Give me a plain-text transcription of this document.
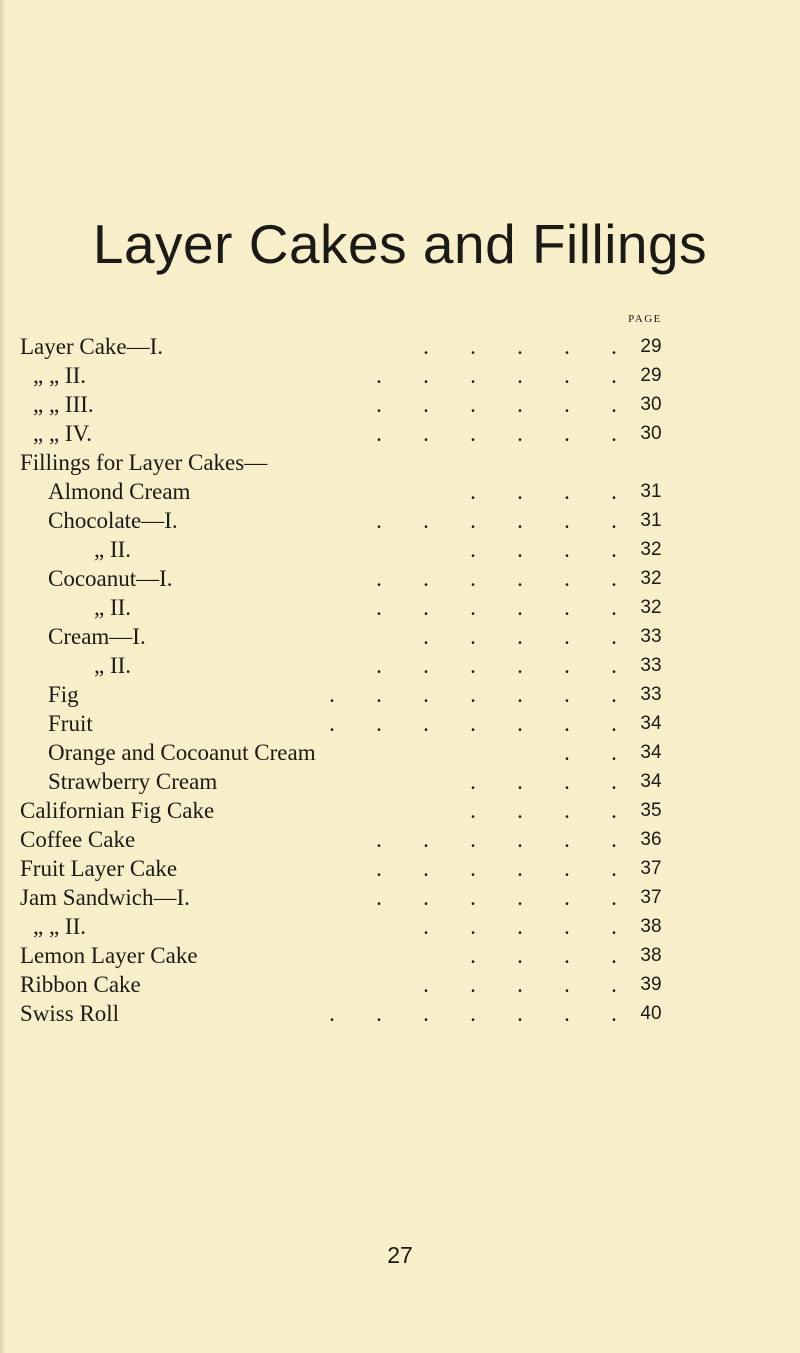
Layer Cakes and Fillings
PAGE
Layer Cake—I.	. . . . .	29
„ „ II.	. . . . . .	29
„ „ III.	. . . . . .	30
„ „ IV.	. . . . . .	30
Fillings for Layer Cakes—
Almond Cream	. . . .	31
Chocolate—I.	. . . . . .	31
„ II.	. . . .	32
Cocoanut—I.	. . . . . .	32
„ II.	. . . . . .	32
Cream—I.	. . . . .	33
„ II.	. . . . . .	33
Fig	. . . . . . .	33
Fruit	. . . . . . .	34
Orange and Cocoanut Cream	. .	34
Strawberry Cream	. . . .	34
Californian Fig Cake	. . . .	35
Coffee Cake	. . . . . .	36
Fruit Layer Cake	. . . . . .	37
Jam Sandwich—I.	. . . . . .	37
„ „ II.	. . . . .	38
Lemon Layer Cake	. . . .	38
Ribbon Cake	. . . . .	39
Swiss Roll	. . . . . . .	40
27
